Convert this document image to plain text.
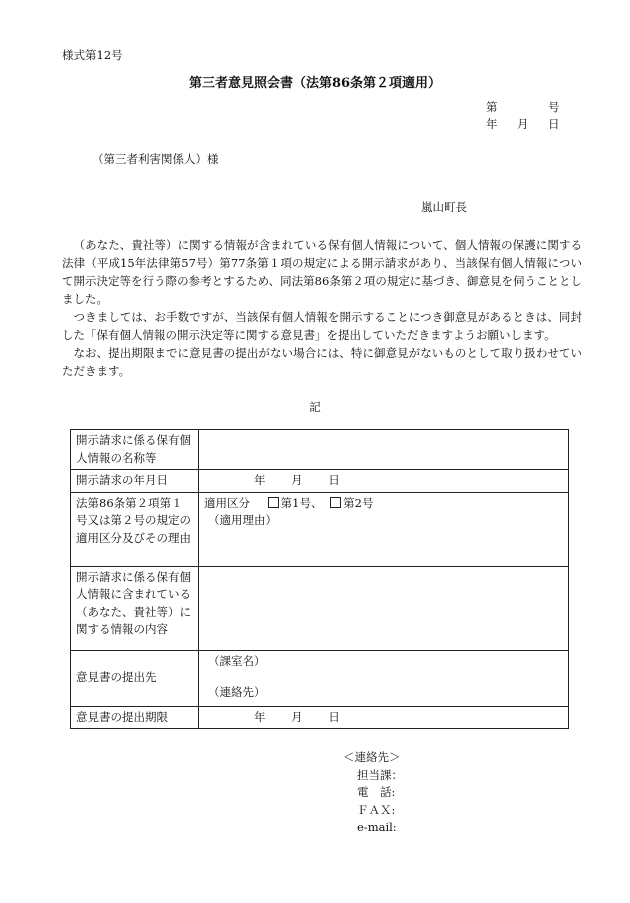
様式第12号
第三者意見照会書（法第86条第２項適用）
第	号
年 月 日
（第三者利害関係人）様
嵐山町長

（あなた、貴社等）に関する情報が含まれている保有個人情報について、個人情報の保護に関する法律（平成15年法律第57号）第77条第１項の規定による開示請求があり、当該保有個人情報について開示決定等を行う際の参考とするため、同法第86条第２項の規定に基づき、御意見を伺うこととしました。

つきましては、お手数ですが、当該保有個人情報を開示することにつき御意見があるときは、同封した「保有個人情報の開示決定等に関する意見書」を提出していただきますようお願いします。

なお、提出期限までに意見書の提出がない場合には、特に御意見がないものとして取り扱わせていただきます。

記
開示請求に係る保有個人情報の名称等	
開示請求の年月日	年 月 日
法第86条第２項第１号又は第２号の規定の適用区分及びその理由	適用区分 第1号、 第2号
（適用理由）

開示請求に係る保有個人情報に含まれている（あなた、貴社等）に関する情報の内容	
意見書の提出先	（課室名）
（連絡先）

意見書の提出期限	年 月 日
＜連絡先＞
担当課：
電　話:
ＦＡＸ:
e-mail:
